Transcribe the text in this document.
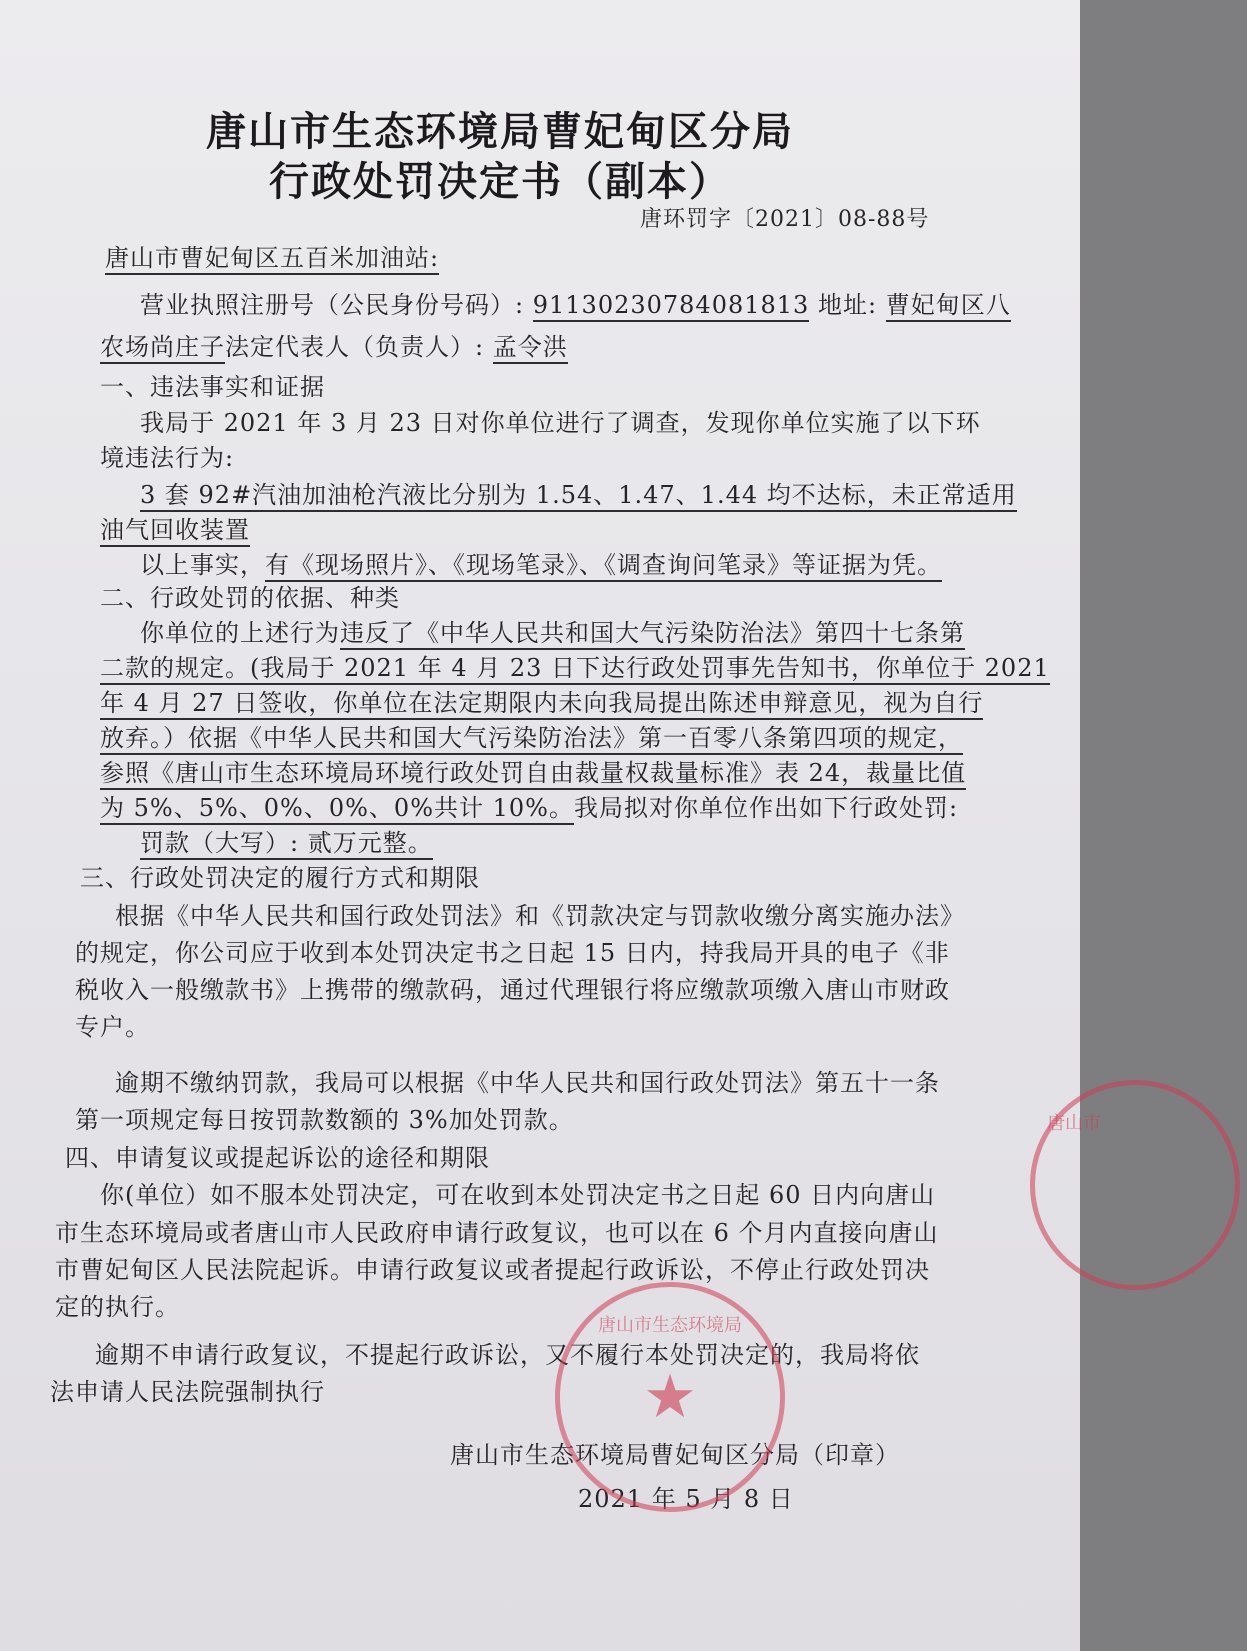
唐山市生态环境局曹妃甸区分局
行政处罚决定书（副本）
唐环罚字〔2021〕08-88号
唐山市曹妃甸区五百米加油站:
营业执照注册号（公民身份号码）: 91130230784081813 地址: 曹妃甸区八
农场尚庄子法定代表人（负责人）: 孟令洪
一、违法事实和证据
我局于 2021 年 3 月 23 日对你单位进行了调查，发现你单位实施了以下环
境违法行为:
3 套 92#汽油加油枪汽液比分别为 1.54、1.47、1.44 均不达标，未正常适用
油气回收装置
以上事实，有《现场照片》、《现场笔录》、《调查询问笔录》等证据为凭。
二、行政处罚的依据、种类
你单位的上述行为违反了《中华人民共和国大气污染防治法》第四十七条第
二款的规定。(我局于 2021 年 4 月 23 日下达行政处罚事先告知书，你单位于 2021
年 4 月 27 日签收，你单位在法定期限内未向我局提出陈述申辩意见，视为自行
放弃。）依据《中华人民共和国大气污染防治法》第一百零八条第四项的规定，
参照《唐山市生态环境局环境行政处罚自由裁量权裁量标准》表 24，裁量比值
为 5%、5%、0%、0%、0%共计 10%。我局拟对你单位作出如下行政处罚:
罚款（大写）: 贰万元整。
三、行政处罚决定的履行方式和期限
根据《中华人民共和国行政处罚法》和《罚款决定与罚款收缴分离实施办法》
的规定，你公司应于收到本处罚决定书之日起 15 日内，持我局开具的电子《非
税收入一般缴款书》上携带的缴款码，通过代理银行将应缴款项缴入唐山市财政
专户。
逾期不缴纳罚款，我局可以根据《中华人民共和国行政处罚法》第五十一条
第一项规定每日按罚款数额的 3%加处罚款。
四、申请复议或提起诉讼的途径和期限
你(单位）如不服本处罚决定，可在收到本处罚决定书之日起 60 日内向唐山
市生态环境局或者唐山市人民政府申请行政复议，也可以在 6 个月内直接向唐山
市曹妃甸区人民法院起诉。申请行政复议或者提起行政诉讼，不停止行政处罚决
定的执行。
逾期不申请行政复议，不提起行政诉讼，又不履行本处罚决定的，我局将依
法申请人民法院强制执行
唐山市生态环境局曹妃甸区分局（印章）
2021 年 5 月 8 日
唐山市生态环境局
★
唐山市
